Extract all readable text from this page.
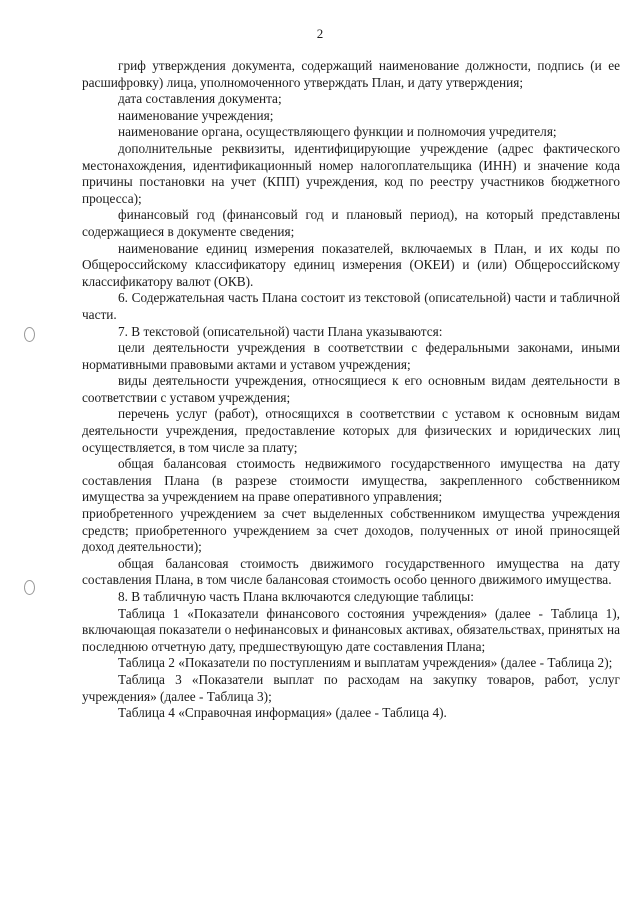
2

гриф утверждения документа, содержащий наименование должности, подпись (и ее расшифровку) лица, уполномоченного утверждать План, и дату утверждения;

дата составления документа;

наименование учреждения;

наименование органа, осуществляющего функции и полномочия учредителя;

дополнительные реквизиты, идентифицирующие учреждение (адрес фактического местонахождения, идентификационный номер налогоплательщика (ИНН) и значение кода причины постановки на учет (КПП) учреждения, код по реестру участников бюджетного процесса);

финансовый год (финансовый год и плановый период), на который представлены содержащиеся в документе сведения;

наименование единиц измерения показателей, включаемых в План, и их коды по Общероссийскому классификатору единиц измерения (ОКЕИ) и (или) Общероссийскому классификатору валют (ОКВ).

6. Содержательная часть Плана состоит из текстовой (описательной) части и табличной части.

7. В текстовой (описательной) части Плана указываются:

цели деятельности учреждения в соответствии с федеральными законами, иными нормативными правовыми актами и уставом учреждения;

виды деятельности учреждения, относящиеся к его основным видам деятельности в соответствии с уставом учреждения;

перечень услуг (работ), относящихся в соответствии с уставом к основным видам деятельности учреждения, предоставление которых для физических и юридических лиц осуществляется, в том числе за плату;

общая балансовая стоимость недвижимого государственного имущества на дату составления Плана (в разрезе стоимости имущества, закрепленного собственником имущества за учреждением на праве оперативного управления;

приобретенного учреждением за счет выделенных собственником имущества учреждения средств; приобретенного учреждением за счет доходов, полученных от иной приносящей доход деятельности);

общая балансовая стоимость движимого государственного имущества на дату составления Плана, в том числе балансовая стоимость особо ценного движимого имущества.

8. В табличную часть Плана включаются следующие таблицы:

Таблица 1 «Показатели финансового состояния учреждения» (далее - Таблица 1), включающая показатели о нефинансовых и финансовых активах, обязательствах, принятых на последнюю отчетную дату, предшествующую дате составления Плана;

Таблица 2 «Показатели по поступлениям и выплатам учреждения» (далее - Таблица 2);

Таблица 3 «Показатели выплат по расходам на закупку товаров, работ, услуг учреждения» (далее - Таблица 3);

Таблица 4 «Справочная информация» (далее - Таблица 4).
